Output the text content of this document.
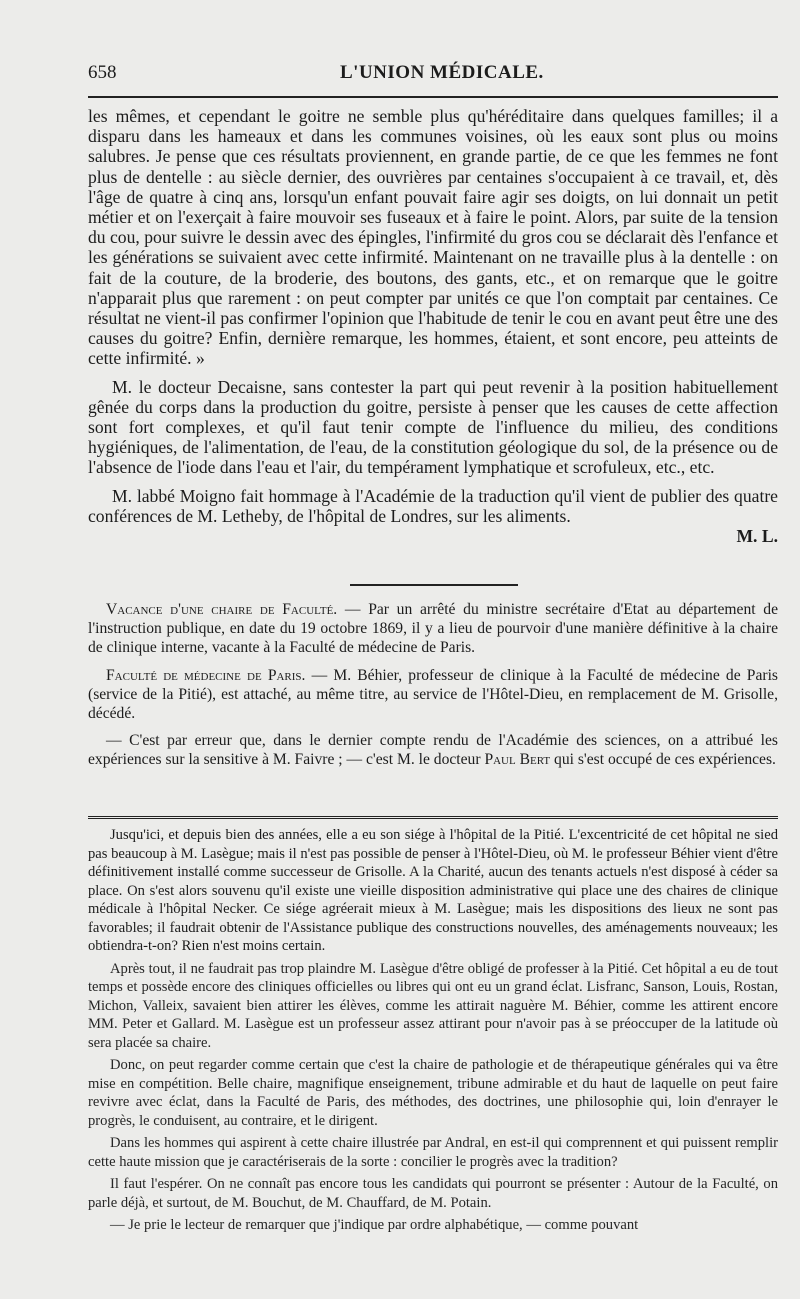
658	L'UNION MÉDICALE.

les mêmes, et cependant le goitre ne semble plus qu'héréditaire dans quelques familles; il a disparu dans les hameaux et dans les communes voisines, où les eaux sont plus ou moins salubres. Je pense que ces résultats proviennent, en grande partie, de ce que les femmes ne font plus de dentelle : au siècle dernier, des ouvrières par centaines s'occupaient à ce travail, et, dès l'âge de quatre à cinq ans, lorsqu'un enfant pouvait faire agir ses doigts, on lui donnait un petit métier et on l'exerçait à faire mouvoir ses fuseaux et à faire le point. Alors, par suite de la tension du cou, pour suivre le dessin avec des épingles, l'infirmité du gros cou se déclarait dès l'enfance et les générations se suivaient avec cette infirmité. Maintenant on ne travaille plus à la dentelle : on fait de la couture, de la broderie, des boutons, des gants, etc., et on remarque que le goitre n'apparait plus que rarement : on peut compter par unités ce que l'on comptait par centaines. Ce résultat ne vient-il pas confirmer l'opinion que l'habitude de tenir le cou en avant peut être une des causes du goitre? Enfin, dernière remarque, les hommes, étaient, et sont encore, peu atteints de cette infirmité. »

M. le docteur Decaisne, sans contester la part qui peut revenir à la position habituellement gênée du corps dans la production du goitre, persiste à penser que les causes de cette affection sont fort complexes, et qu'il faut tenir compte de l'influence du milieu, des conditions hygiéniques, de l'alimentation, de l'eau, de la constitution géologique du sol, de la présence ou de l'absence de l'iode dans l'eau et l'air, du tempérament lymphatique et scrofuleux, etc., etc.

M. labbé Moigno fait hommage à l'Académie de la traduction qu'il vient de publier des quatre conférences de M. Letheby, de l'hôpital de Londres, sur les aliments.

M. L.

Vacance d'une chaire de Faculté. — Par un arrêté du ministre secrétaire d'Etat au département de l'instruction publique, en date du 19 octobre 1869, il y a lieu de pourvoir d'une manière définitive à la chaire de clinique interne, vacante à la Faculté de médecine de Paris.

Faculté de médecine de Paris. — M. Béhier, professeur de clinique à la Faculté de médecine de Paris (service de la Pitié), est attaché, au même titre, au service de l'Hôtel-Dieu, en remplacement de M. Grisolle, décédé.

— C'est par erreur que, dans le dernier compte rendu de l'Académie des sciences, on a attribué les expériences sur la sensitive à M. Faivre ; — c'est M. le docteur Paul Bert qui s'est occupé de ces expériences.

Jusqu'ici, et depuis bien des années, elle a eu son siége à l'hôpital de la Pitié. L'excentricité de cet hôpital ne sied pas beaucoup à M. Lasègue; mais il n'est pas possible de penser à l'Hôtel-Dieu, où M. le professeur Béhier vient d'être définitivement installé comme successeur de Grisolle. A la Charité, aucun des tenants actuels n'est disposé à céder sa place. On s'est alors souvenu qu'il existe une vieille disposition administrative qui place une des chaires de clinique médicale à l'hôpital Necker. Ce siége agréerait mieux à M. Lasègue; mais les dispositions des lieux ne sont pas favorables; il faudrait obtenir de l'Assistance publique des constructions nouvelles, des aménagements nouveaux; les obtiendra-t-on? Rien n'est moins certain.

Après tout, il ne faudrait pas trop plaindre M. Lasègue d'être obligé de professer à la Pitié. Cet hôpital a eu de tout temps et possède encore des cliniques officielles ou libres qui ont eu un grand éclat. Lisfranc, Sanson, Louis, Rostan, Michon, Valleix, savaient bien attirer les élèves, comme les attirait naguère M. Béhier, comme les attirent encore MM. Peter et Gallard. M. Lasègue est un professeur assez attirant pour n'avoir pas à se préoccuper de la latitude où sera placée sa chaire.

Donc, on peut regarder comme certain que c'est la chaire de pathologie et de thérapeutique générales qui va être mise en compétition. Belle chaire, magnifique enseignement, tribune admirable et du haut de laquelle on peut faire revivre avec éclat, dans la Faculté de Paris, des méthodes, des doctrines, une philosophie qui, loin d'enrayer le progrès, le conduisent, au contraire, et le dirigent.

Dans les hommes qui aspirent à cette chaire illustrée par Andral, en est-il qui comprennent et qui puissent remplir cette haute mission que je caractériserais de la sorte : concilier le progrès avec la tradition?

Il faut l'espérer. On ne connaît pas encore tous les candidats qui pourront se présenter : Autour de la Faculté, on parle déjà, et surtout, de M. Bouchut, de M. Chauffard, de M. Potain.

— Je prie le lecteur de remarquer que j'indique par ordre alphabétique, — comme pouvant
